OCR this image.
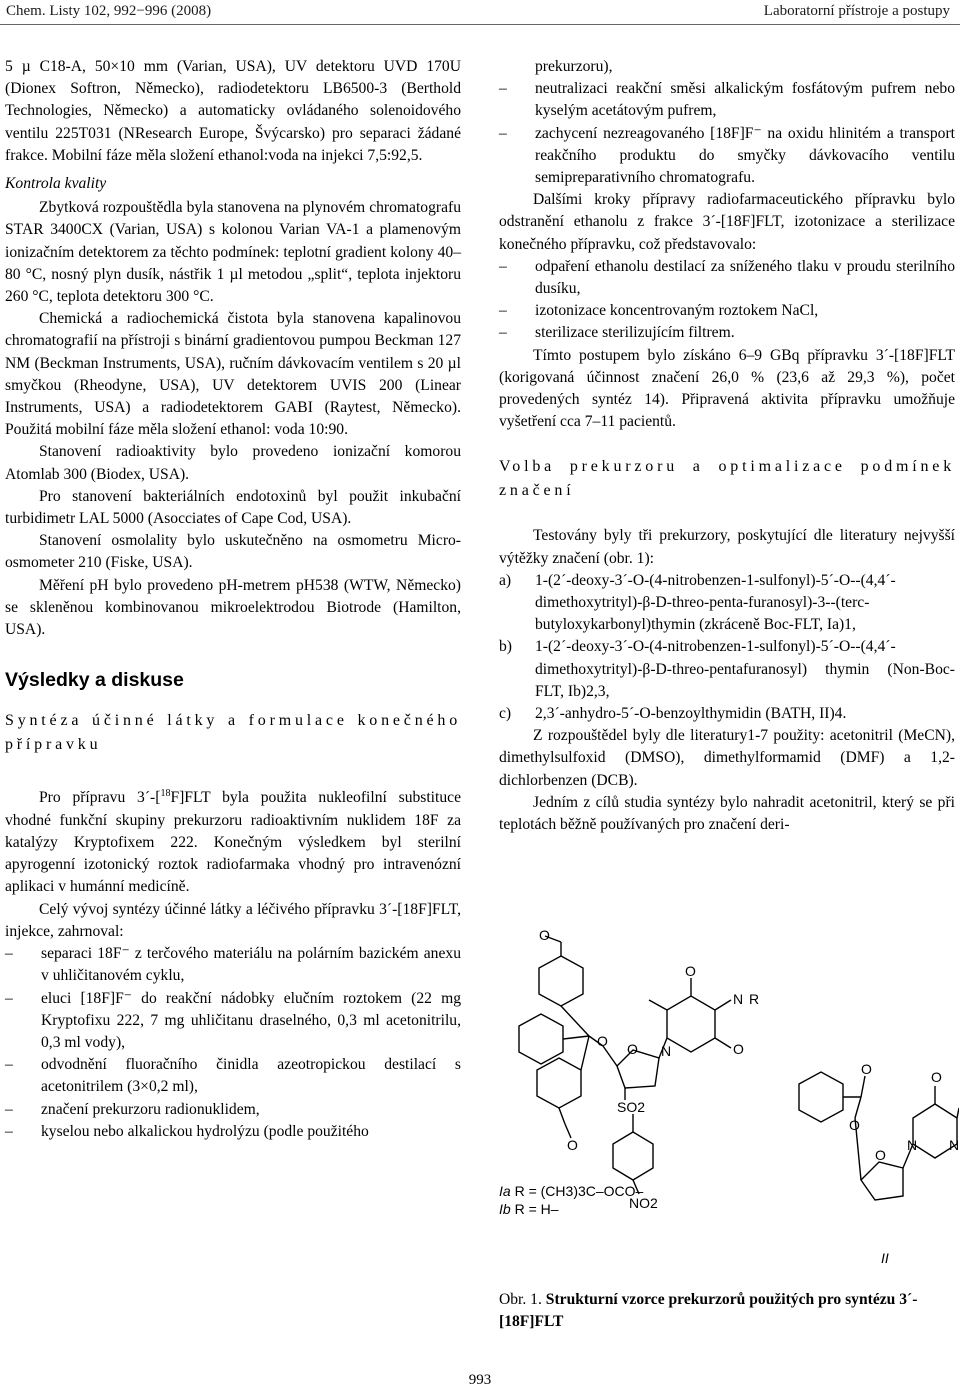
Chem. Listy 102, 992−996 (2008)	Laboratorní přístroje a postupy

5 µ C18-A, 50×10 mm (Varian, USA), UV detektoru UVD 170U (Dionex Softron, Německo), radiodetektoru LB6500-3 (Berthold Technologies, Německo) a automaticky ovládaného solenoidového ventilu 225T031 (NResearch Europe, Švýcarsko) pro separaci žádané frakce. Mobilní fáze měla složení ethanol:voda na injekci 7,5:92,5.

Kontrola kvality

Zbytková rozpouštědla byla stanovena na plynovém chromatografu STAR 3400CX (Varian, USA) s kolonou Varian VA-1 a plamenovým ionizačním detektorem za těchto podmínek: teplotní gradient kolony 40–80 °C, nosný plyn dusík, nástřik 1 µl metodou „split“, teplota injektoru 260 °C, teplota detektoru 300 °C.

Chemická a radiochemická čistota byla stanovena kapalinovou chromatografií na přístroji s binární gradientovou pumpou Beckman 127 NM (Beckman Instruments, USA), ručním dávkovacím ventilem s 20 µl smyčkou (Rheodyne, USA), UV detektorem UVIS 200 (Linear Instruments, USA) a radiodetektorem GABI (Raytest, Německo). Použitá mobilní fáze měla složení ethanol: voda 10:90.

Stanovení radioaktivity bylo provedeno ionizační komorou Atomlab 300 (Biodex, USA).

Pro stanovení bakteriálních endotoxinů byl použit inkubační turbidimetr LAL 5000 (Asocciates of Cape Cod, USA).

Stanovení osmolality bylo uskutečněno na osmometru Micro-osmometer 210 (Fiske, USA).

Měření pH bylo provedeno pH-metrem pH538 (WTW, Německo) se skleněnou kombinovanou mikroelektrodou Biotrode (Hamilton, USA).

Výsledky a diskuse

Syntéza účinné látky a formulace konečného přípravku

Pro přípravu 3´-[$^{18}$F]FLT byla použita nukleofilní substituce vhodné funkční skupiny prekurzoru radioaktivním nuklidem 18F za katalýzy Kryptofixem 222. Konečným výsledkem byl sterilní apyrogenní izotonický roztok radiofarmaka vhodný pro intravenózní aplikaci v humánní medicíně.

Celý vývoj syntézy účinné látky a léčivého přípravku 3´-[18F]FLT, injekce, zahrnoval:

– separaci 18F⁻ z terčového materiálu na polárním bazickém anexu v uhličitanovém cyklu,
– eluci [18F]F⁻ do reakční nádobky elučním roztokem (22 mg Kryptofixu 222, 7 mg uhličitanu draselného, 0,3 ml acetonitrilu, 0,3 ml vody),
– odvodnění fluoračního činidla azeotropickou destilací s acetonitrilem (3×0,2 ml),
– značení prekurzoru radionuklidem,
– kyselou nebo alkalickou hydrolýzu (podle použitého

prekurzoru),

– neutralizaci reakční směsi alkalickým fosfátovým pufrem nebo kyselým acetátovým pufrem,
– zachycení nezreagovaného [18F]F⁻ na oxidu hlinitém a transport reakčního produktu do smyčky dávkovacího ventilu semipreparativního chromatografu.

Dalšími kroky přípravy radiofarmaceutického přípravku bylo odstranění ethanolu z frakce 3´-[18F]FLT, izotonizace a sterilizace konečného přípravku, což představovalo:

– odpaření ethanolu destilací za sníženého tlaku v proudu sterilního dusíku,
– izotonizace koncentrovaným roztokem NaCl,
– sterilizace sterilizujícím filtrem.

Tímto postupem bylo získáno 6–9 GBq přípravku 3´-[18F]FLT (korigovaná účinnost značení 26,0 % (23,6 až 29,3 %), počet provedených syntéz 14). Připravená aktivita přípravku umožňuje vyšetření cca 7–11 pacientů.

Volba prekurzoru a optimalizace podmínek značení

Testovány byly tři prekurzory, poskytující dle literatury nejvyšší výtěžky značení (obr. 1):

a) 1-(2´-deoxy-3´-O-(4-nitrobenzen-1-sulfonyl)-5´-O--(4,4´-dimethoxytrityl)-β-D-threo-penta-furanosyl)-3--(terc-butyloxykarbonyl)thymin (zkráceně Boc-FLT, Ia)1,
b) 1-(2´-deoxy-3´-O-(4-nitrobenzen-1-sulfonyl)-5´-O--(4,4´-dimethoxytrityl)-β-D-threo-pentafuranosyl) thymin (Non-Boc-FLT, Ib)2,3,
c) 2,3´-anhydro-5´-O-benzoylthymidin (BATH, II)4.

Z rozpouštědel byly dle literatury1-7 použity: acetonitril (MeCN), dimethylsulfoxid (DMSO), dimethylformamid (DMF) a 1,2-dichlorbenzen (DCB).

Jedním z cílů studia syntézy bylo nahradit acetonitril, který se při teplotách běžně používaných pro značení deri-

O
O
O
N R
O
N
O
O
SO2
NO2
O
O
O
N N
O
Ia R = (CH3)3C–OCO–
Ib R = H–
II
Obr. 1. Strukturní vzorce prekurzorů použitých pro syntézu 3´-[18F]FLT
993
